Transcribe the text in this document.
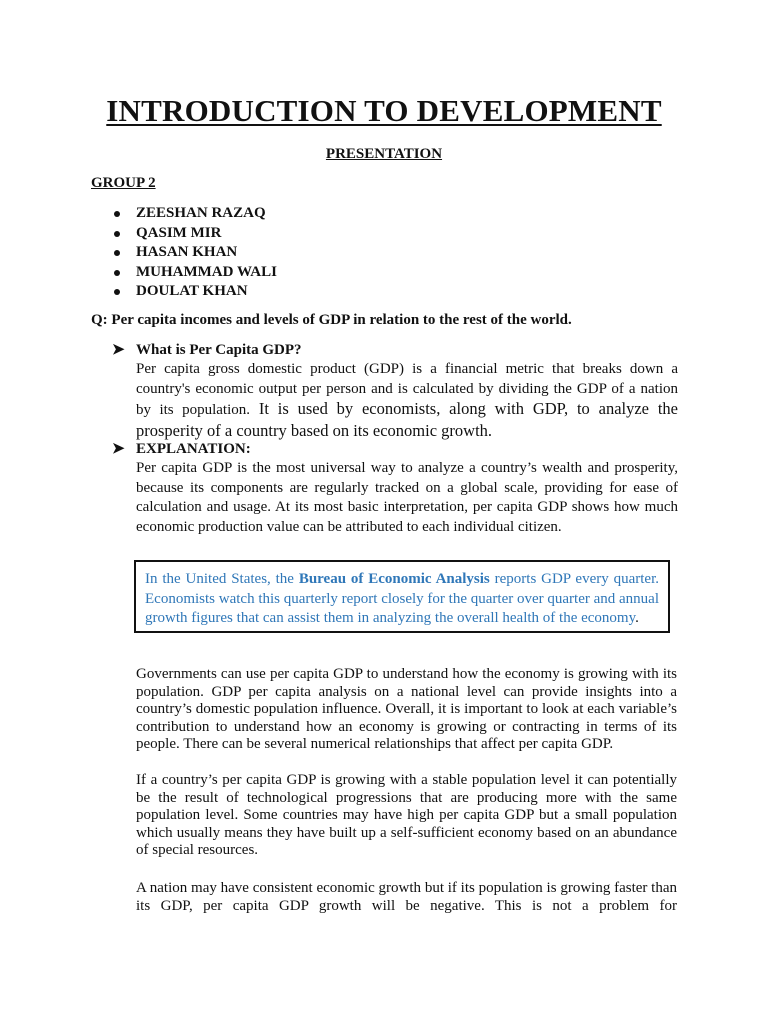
INTRODUCTION TO DEVELOPMENT
PRESENTATION
GROUP 2
ZEESHAN RAZAQ
QASIM MIR
HASAN KHAN
MUHAMMAD WALI
DOULAT KHAN
Q: Per capita incomes and levels of GDP in relation to the rest of the world.
➤ What is Per Capita GDP?

Per capita gross domestic product (GDP) is a financial metric that breaks down a country's economic output per person and is calculated by dividing the GDP of a nation by its population. It is used by economists, along with GDP, to analyze the prosperity of a country based on its economic growth.

➤ EXPLANATION:

Per capita GDP is the most universal way to analyze a country’s wealth and prosperity, because its components are regularly tracked on a global scale, providing for ease of calculation and usage. At its most basic interpretation, per capita GDP shows how much economic production value can be attributed to each individual citizen.

In the United States, the Bureau of Economic Analysis reports GDP every quarter. Economists watch this quarterly report closely for the quarter over quarter and annual growth figures that can assist them in analyzing the overall health of the economy.

Governments can use per capita GDP to understand how the economy is growing with its population. GDP per capita analysis on a national level can provide insights into a country’s domestic population influence. Overall, it is important to look at each variable’s contribution to understand how an economy is growing or contracting in terms of its people. There can be several numerical relationships that affect per capita GDP.

If a country’s per capita GDP is growing with a stable population level it can potentially be the result of technological progressions that are producing more with the same population level. Some countries may have high per capita GDP but a small population which usually means they have built up a self-sufficient economy based on an abundance of special resources.

A nation may have consistent economic growth but if its population is growing faster than its GDP, per capita GDP growth will be negative. This is not a problem for
